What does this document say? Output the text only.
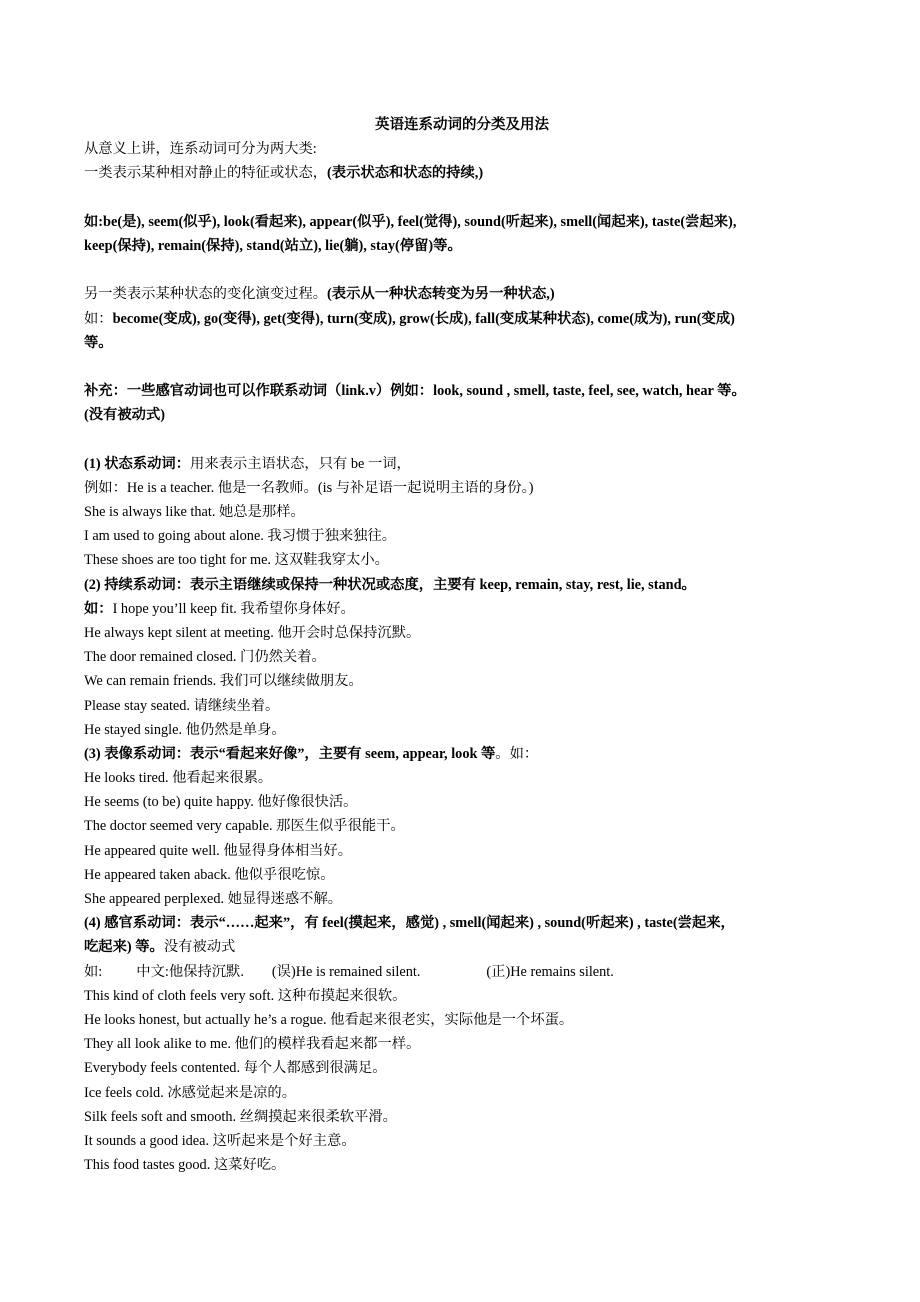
英语连系动词的分类及用法
从意义上讲，连系动词可分为两大类:
一类表示某种相对静止的特征或状态，(表示状态和状态的持续,)
如:be(是), seem(似乎), look(看起来), appear(似乎), feel(觉得), sound(听起来), smell(闻起来), taste(尝起来),
keep(保持), remain(保持), stand(站立), lie(躺), stay(停留)等。
另一类表示某种状态的变化演变过程。(表示从一种状态转变为另一种状态,)
如：become(变成), go(变得), get(变得), turn(变成), grow(长成), fall(变成某种状态), come(成为), run(变成)
等。
补充：一些感官动词也可以作联系动词（link.v）例如：look, sound , smell, taste, feel, see, watch, hear 等。
(没有被动式)
(1) 状态系动词：用来表示主语状态，只有 be 一词，
例如：He is a teacher. 他是一名教师。(is 与补足语一起说明主语的身份。)
She is always like that. 她总是那样。
I am used to going about alone. 我习惯于独来独往。
These shoes are too tight for me. 这双鞋我穿太小。
(2) 持续系动词：表示主语继续或保持一种状况或态度，主要有 keep, remain, stay, rest, lie, stand。
如：I hope you’ll keep fit. 我希望你身体好。
He always kept silent at meeting. 他开会时总保持沉默。
The door remained closed. 门仍然关着。
We can remain friends. 我们可以继续做朋友。
Please stay seated. 请继续坐着。
He stayed single. 他仍然是单身。
(3) 表像系动词：表示“看起来好像”，主要有 seem, appear, look 等。如：
He looks tired. 他看起来很累。
He seems (to be) quite happy. 他好像很快活。
The doctor seemed very capable. 那医生似乎很能干。
He appeared quite well. 他显得身体相当好。
He appeared taken aback. 他似乎很吃惊。
She appeared perplexed. 她显得迷惑不解。
(4) 感官系动词：表示“……起来”，有 feel(摸起来，感觉) , smell(闻起来) , sound(听起来) , taste(尝起来，
吃起来) 等。没有被动式
如: 中文:他保持沉默. (误)He is remained silent.	(正)He remains silent.
This kind of cloth feels very soft. 这种布摸起来很软。
He looks honest, but actually he’s a rogue. 他看起来很老实，实际他是一个坏蛋。
They all look alike to me. 他们的模样我看起来都一样。
Everybody feels contented. 每个人都感到很满足。
Ice feels cold. 冰感觉起来是凉的。
Silk feels soft and smooth. 丝绸摸起来很柔软平滑。
It sounds a good idea. 这听起来是个好主意。
This food tastes good. 这菜好吃。
